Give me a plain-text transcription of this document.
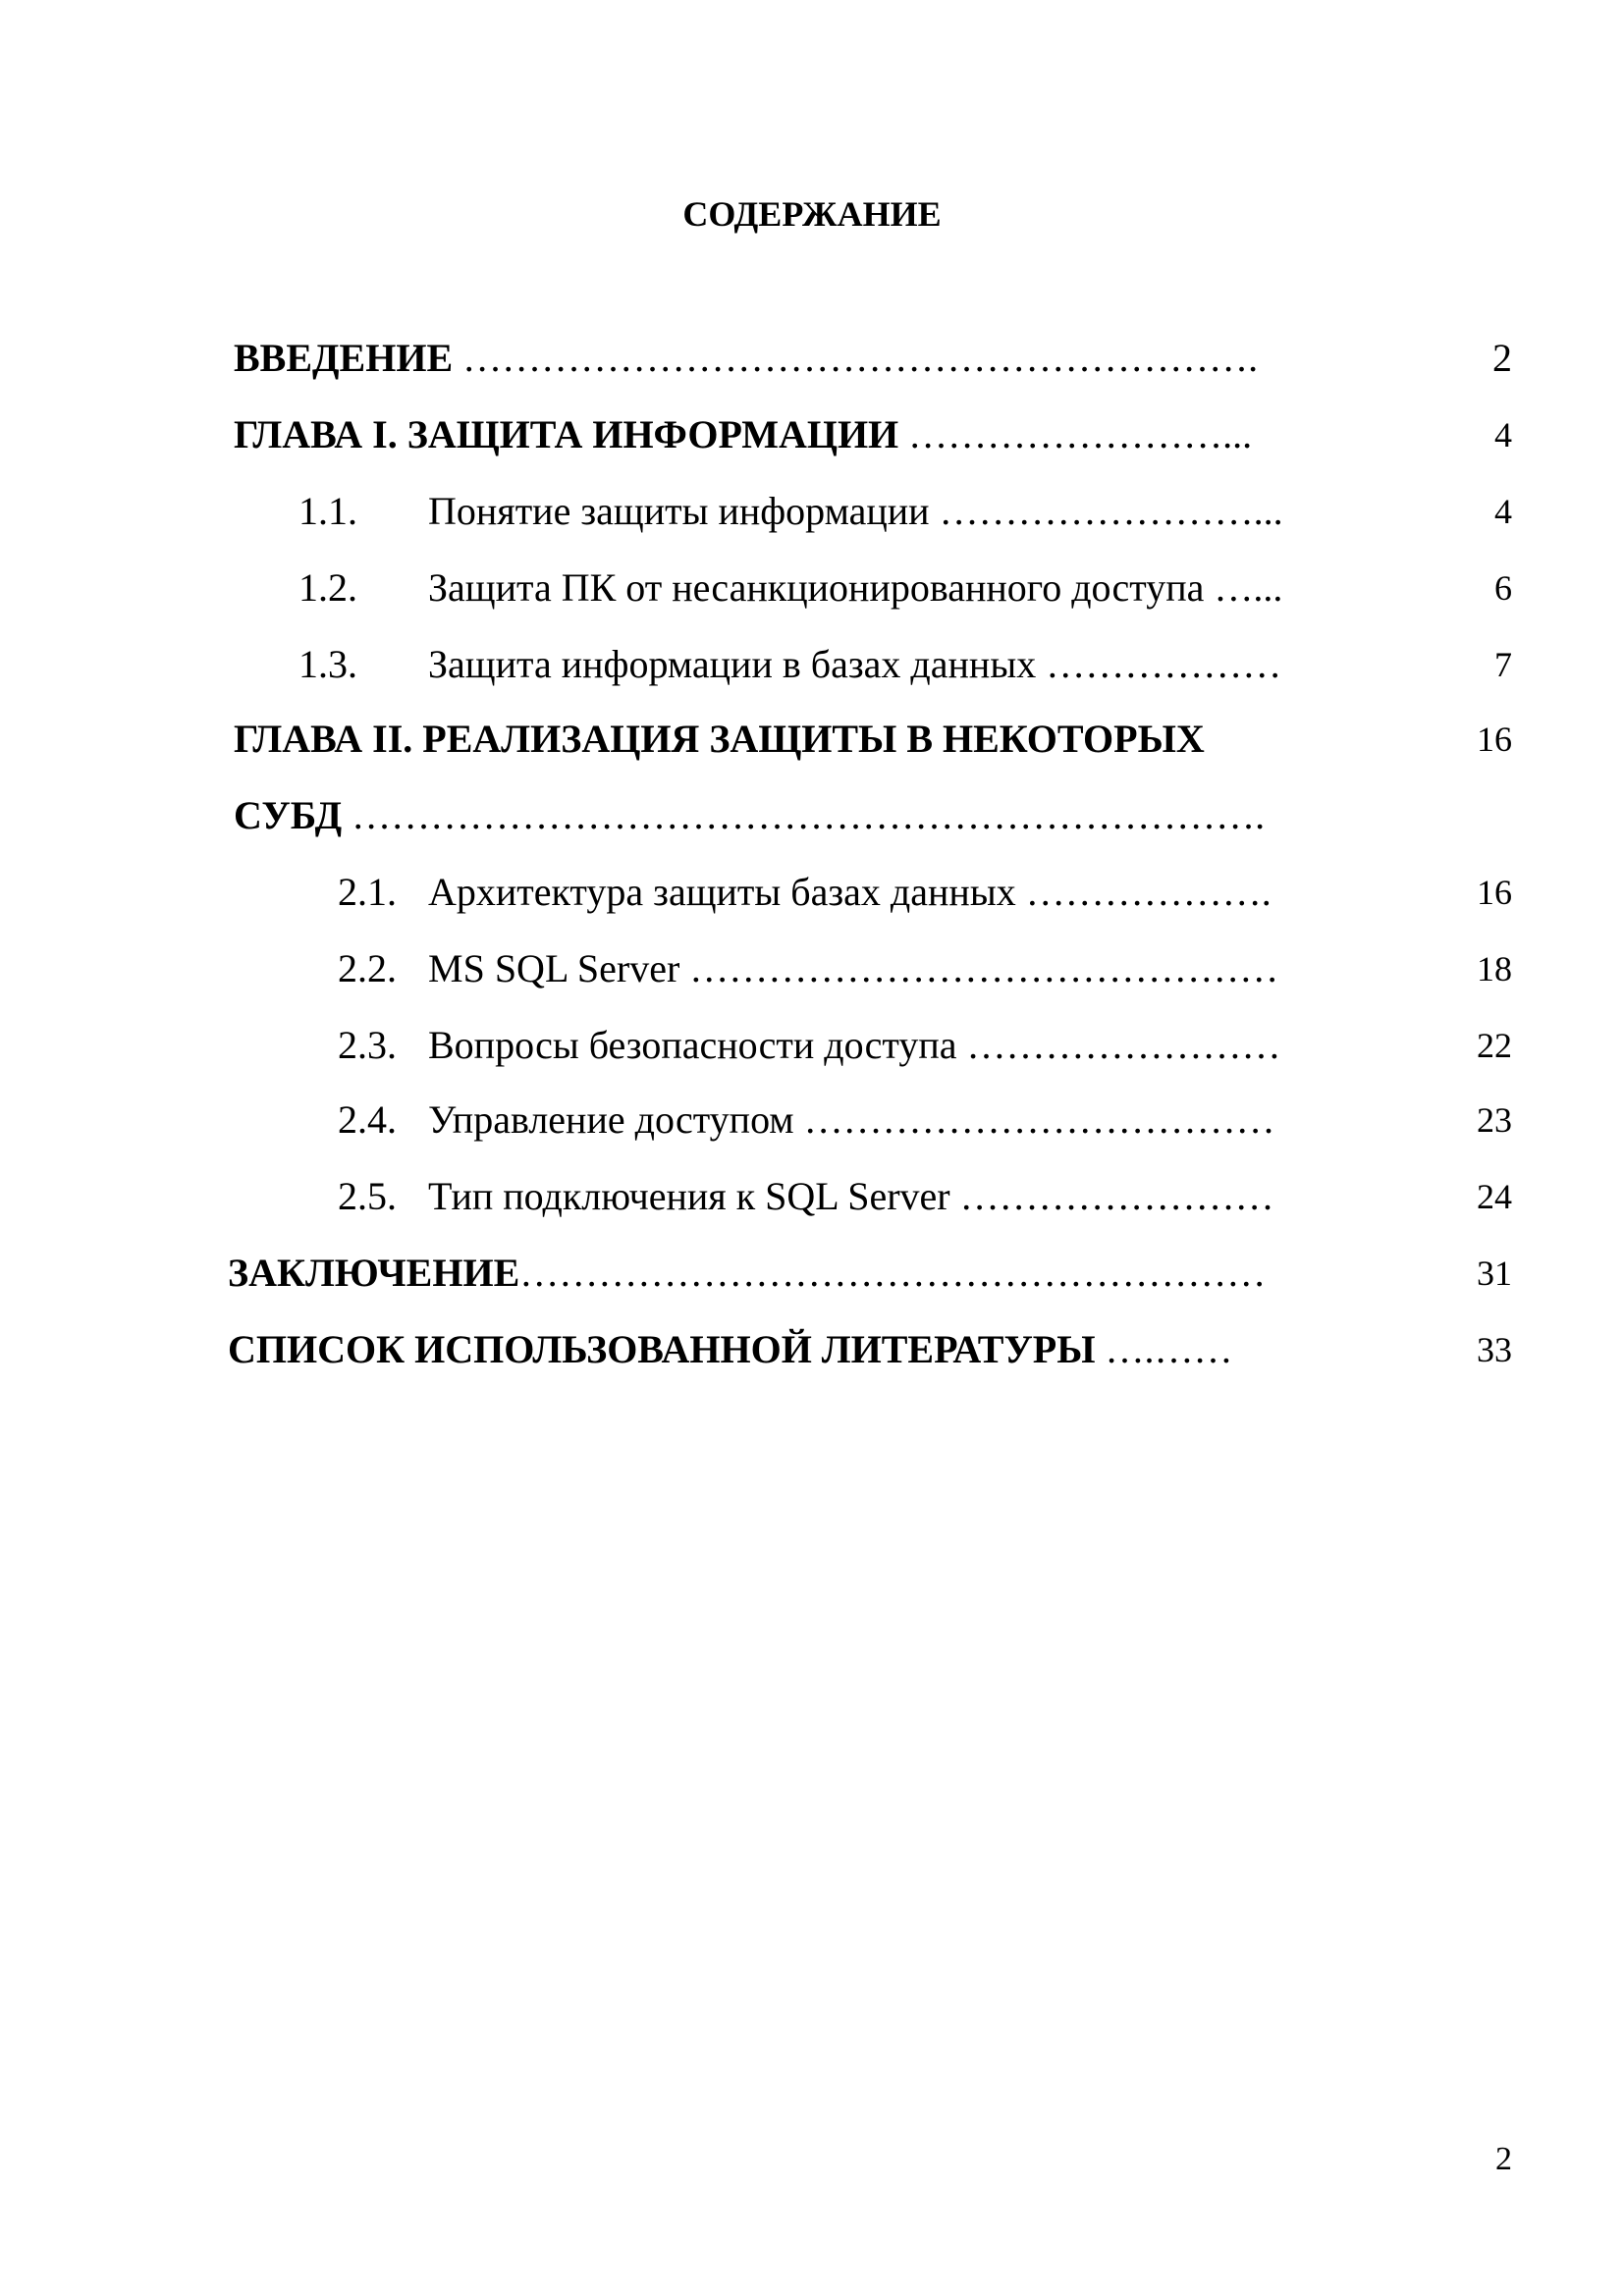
СОДЕРЖАНИЕ
ВВЕДЕНИЕ …………………………………………………….	2
ГЛАВА I. ЗАЩИТА ИНФОРМАЦИИ ……………………...	4
1.1. Понятие защиты информации ……………………...	4
1.2. Защита ПК от несанкционированного доступа …...	6
1.3. Защита информации в базах данных ………………	7
ГЛАВА II. РЕАЛИЗАЦИЯ ЗАЩИТЫ В НЕКОТОРЫХ	16
СУБД …………………………………………………………….
2.1. Архитектура защиты базах данных ……………….	16
2.2. MS SQL Server ………………………………………	18
2.3. Вопросы безопасности доступа ……………………	22
2.4. Управление доступом ………………………………	23
2.5. Тип подключения к SQL Server ……………………	24
ЗАКЛЮЧЕНИЕ…………………………………………………	31
СПИСОК ИСПОЛЬЗОВАННОЙ ЛИТЕРАТУРЫ ….……	33
2
